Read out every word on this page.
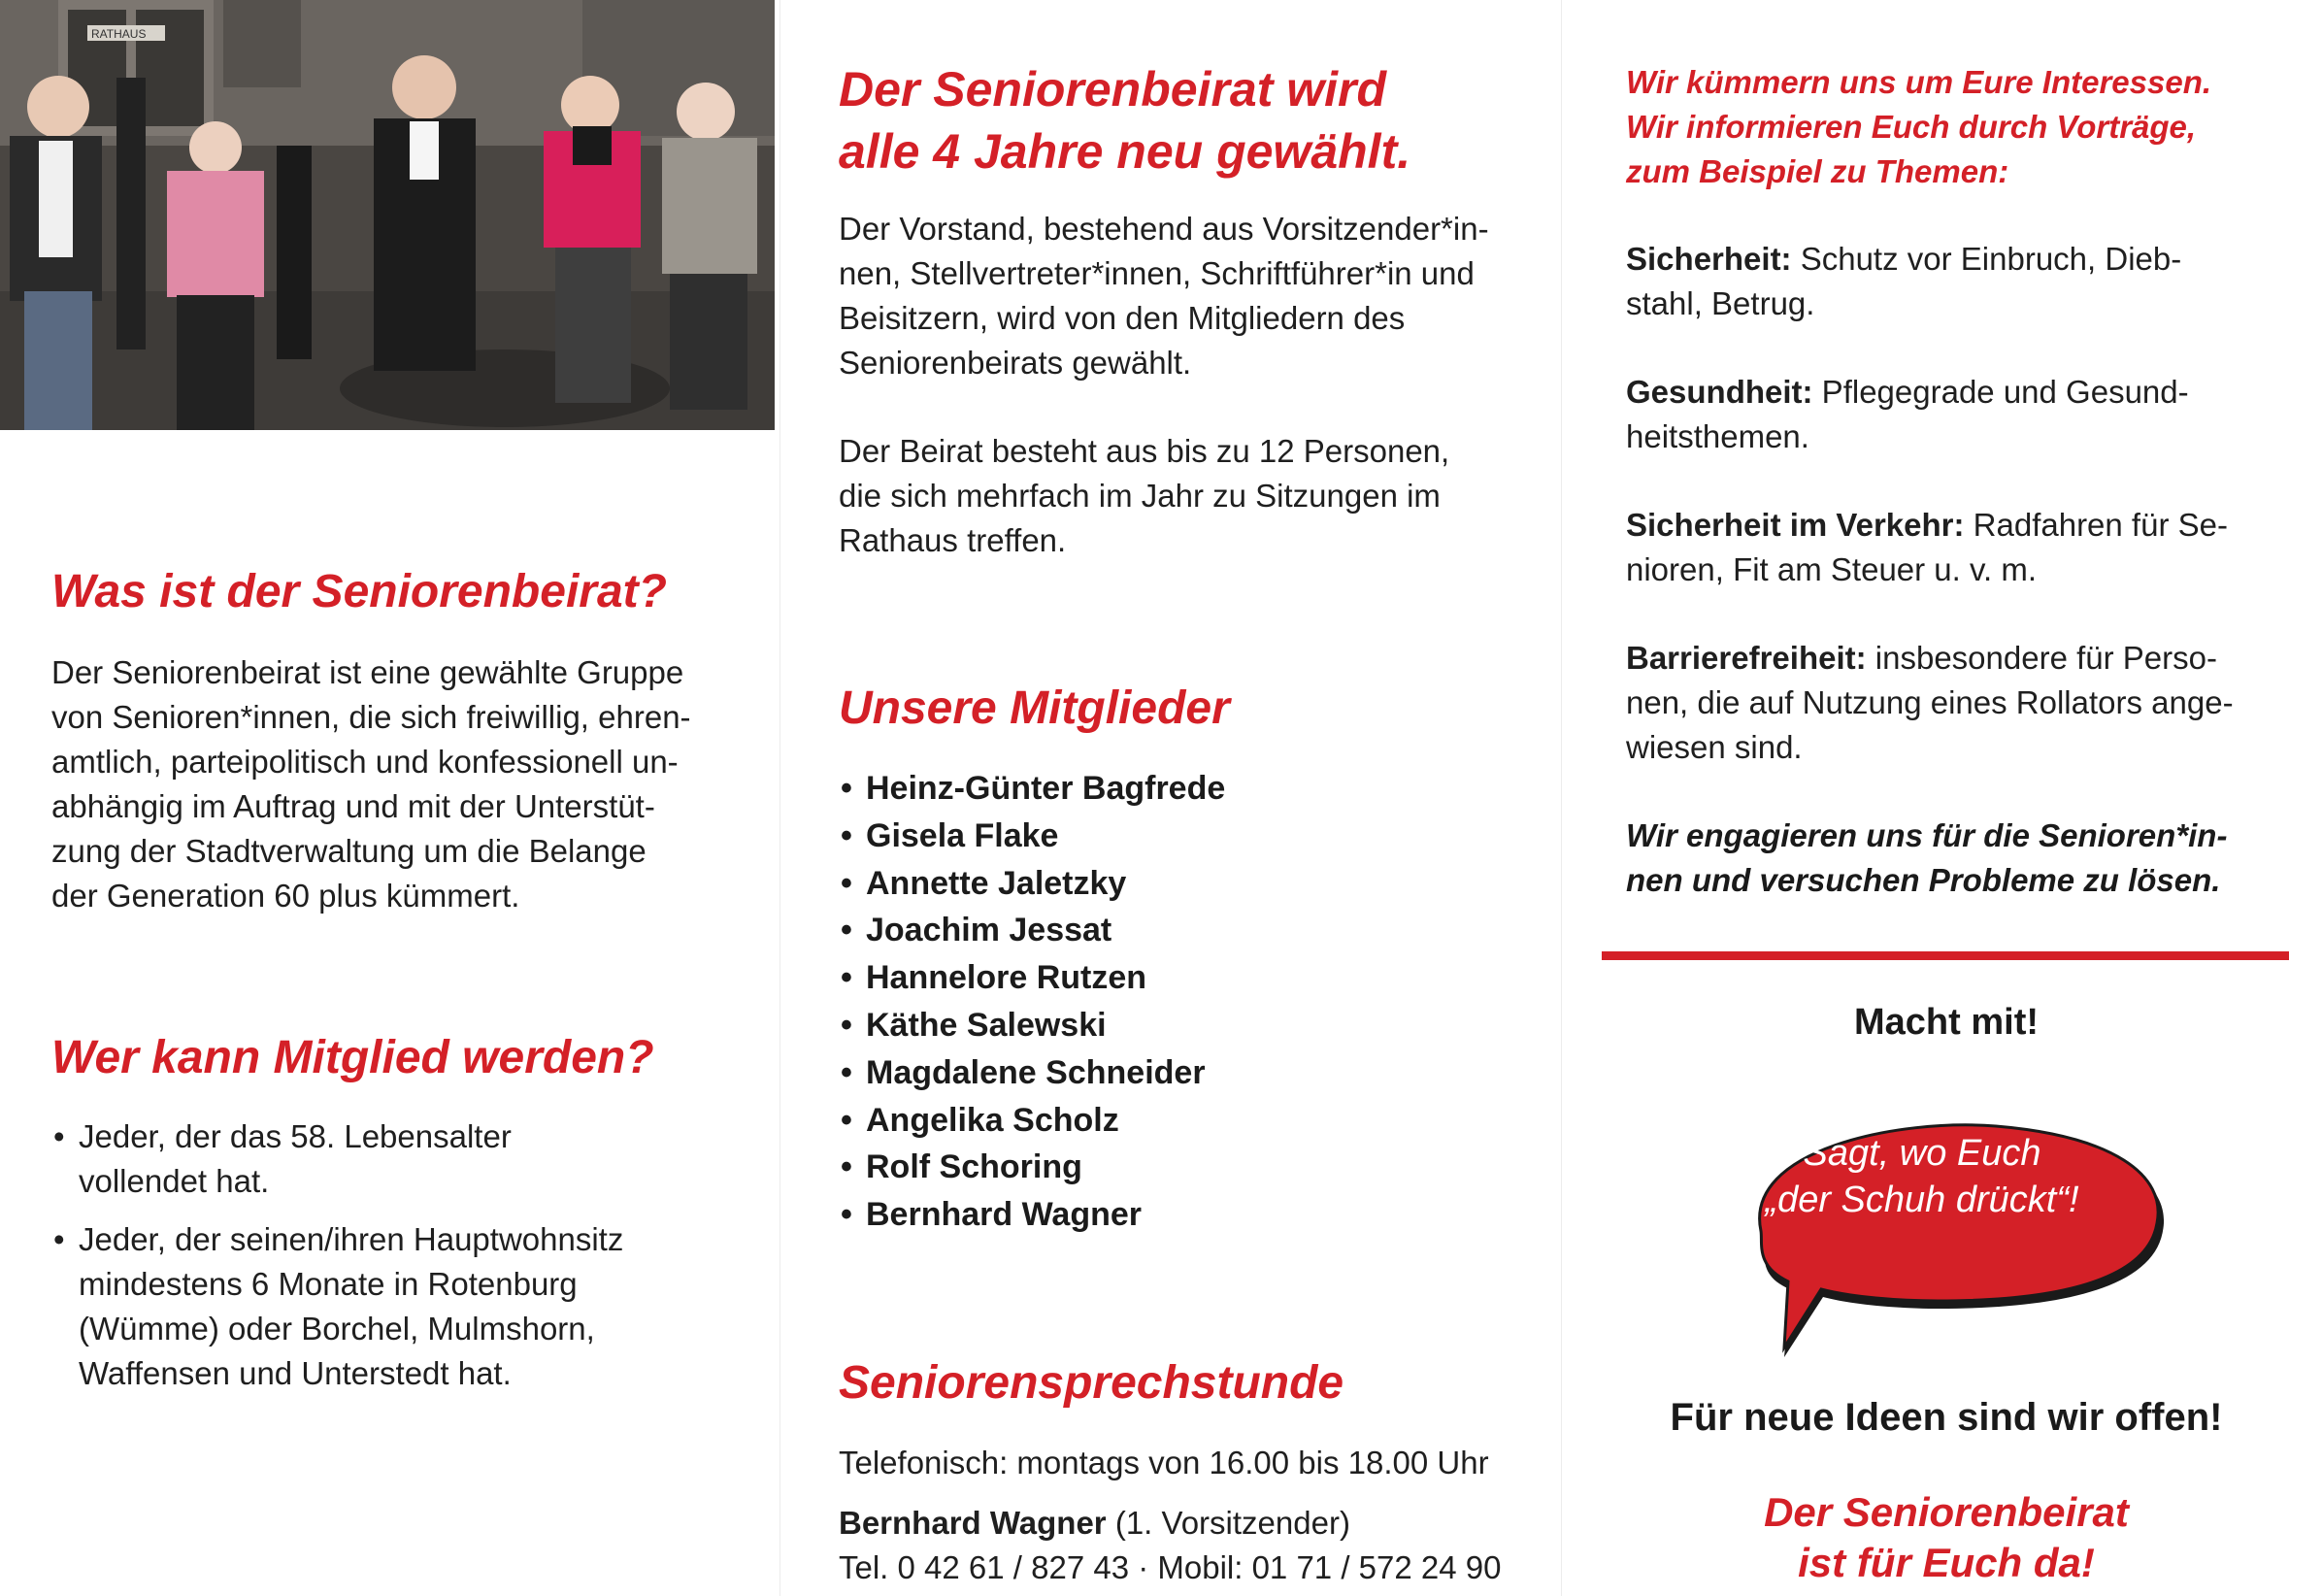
RATHAUS
Was ist der Seniorenbeirat?

Der Seniorenbeirat ist eine gewählte Gruppe
von Senioren*innen, die sich freiwillig, ehren-
amtlich, parteipolitisch und konfessionell un-
abhängig im Auftrag und mit der Unterstüt-
zung der Stadtverwaltung um die Belange
der Generation 60 plus kümmert.

Wer kann Mitglied werden?
• Jeder, der das 58. Lebensalter vollendet hat.
• Jeder, der seinen/ihren Hauptwohnsitz mindestens 6 Monate in Rotenburg (Wümme) oder Borchel, Mulmshorn, Waffensen und Unterstedt hat.
Der Seniorenbeirat wird
alle 4 Jahre neu gewählt.

Der Vorstand, bestehend aus Vorsitzender*in-
nen, Stellvertreter*innen, Schriftführer*in und
Beisitzern, wird von den Mitgliedern des
Seniorenbeirats gewählt.

Der Beirat besteht aus bis zu 12 Personen,
die sich mehrfach im Jahr zu Sitzungen im
Rathaus treffen.

Unsere Mitglieder
• Heinz-Günter Bagfrede
• Gisela Flake
• Annette Jaletzky
• Joachim Jessat
• Hannelore Rutzen
• Käthe Salewski
• Magdalene Schneider
• Angelika Scholz
• Rolf Schoring
• Bernhard Wagner
Seniorensprechstunde

Telefonisch: montags von 16.00 bis 18.00 Uhr

Bernhard Wagner (1. Vorsitzender)

Tel. 0 42 61 / 827 43 · Mobil: 01 71 / 572 24 90

Wir kümmern uns um Eure Interessen.
Wir informieren Euch durch Vorträge,
zum Beispiel zu Themen:

Sicherheit: Schutz vor Einbruch, Dieb-
stahl, Betrug.

Gesundheit: Pflegegrade und Gesund-
heitsthemen.

Sicherheit im Verkehr: Radfahren für Se-
nioren, Fit am Steuer u. v. m.

Barrierefreiheit: insbesondere für Perso-
nen, die auf Nutzung eines Rollators ange-
wiesen sind.

Wir engagieren uns für die Senioren*in-
nen und versuchen Probleme zu lösen.

Macht mit!

Sagt, wo Euch
„der Schuh drückt“!

Für neue Ideen sind wir offen!

Der Seniorenbeirat
ist für Euch da!
